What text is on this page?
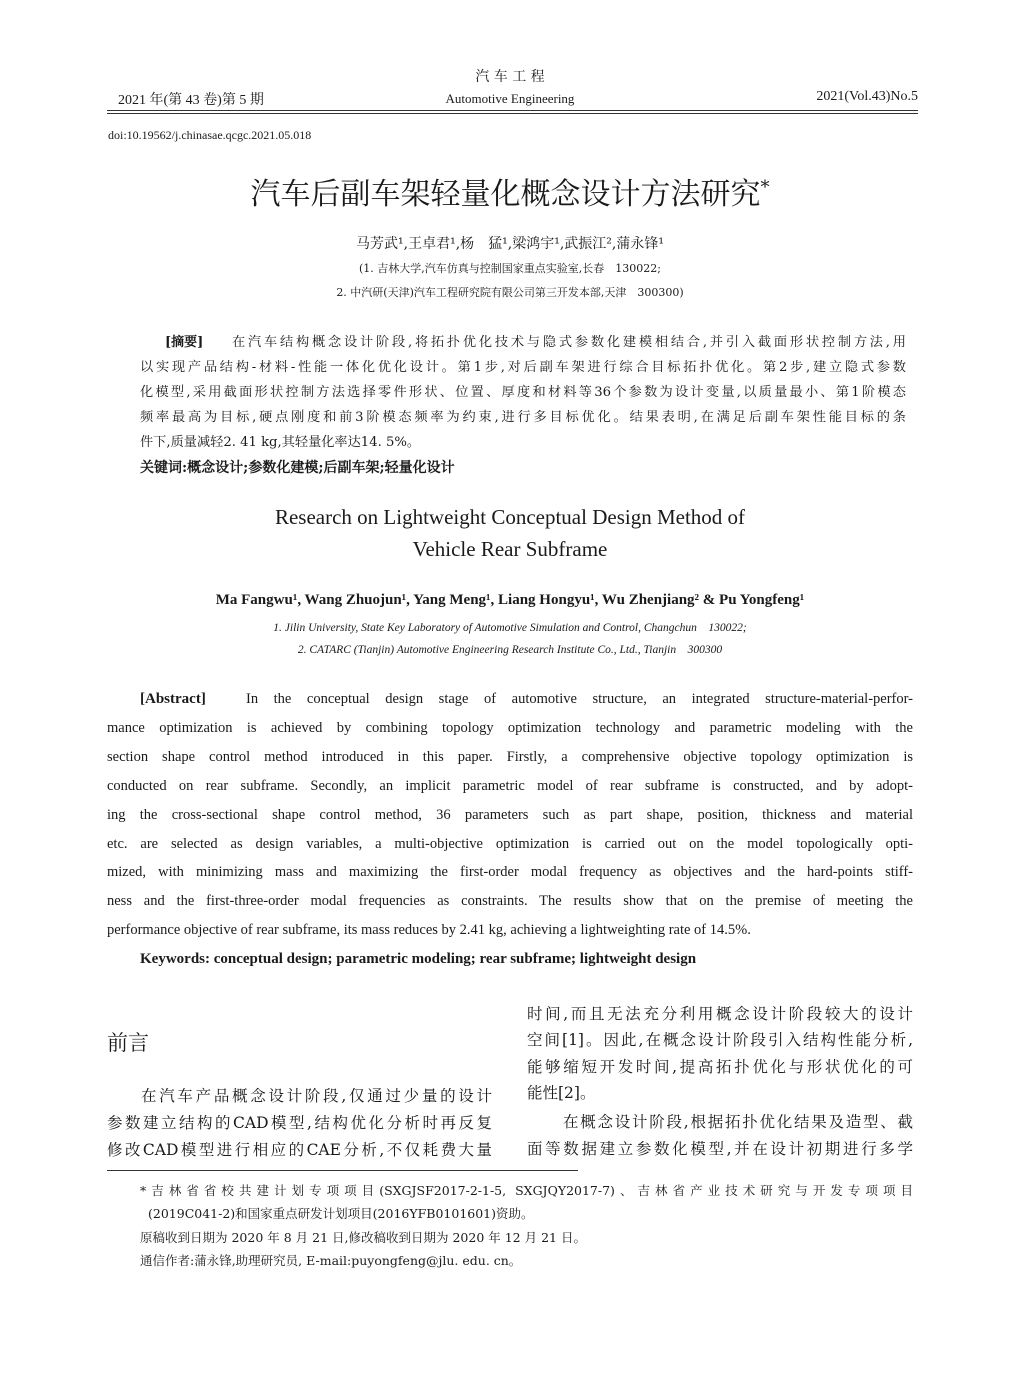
汽 车 工 程
2021 年(第 43 卷)第 5 期	Automotive Engineering	2021(Vol.43)No.5
doi:10.19562/j.chinasae.qcgc.2021.05.018
汽车后副车架轻量化概念设计方法研究*
马芳武¹,王卓君¹,杨　猛¹,梁鸿宇¹,武振江²,蒲永锋¹
(1. 吉林大学,汽车仿真与控制国家重点实验室,长春　130022;
2. 中汽研(天津)汽车工程研究院有限公司第三开发本部,天津　300300)
[摘要] 在汽车结构概念设计阶段,将拓扑优化技术与隐式参数化建模相结合,并引入截面形状控制方法,用
以实现产品结构-材料-性能一体化优化设计。第1步,对后副车架进行综合目标拓扑优化。第2步,建立隐式参数
化模型,采用截面形状控制方法选择零件形状、位置、厚度和材料等36个参数为设计变量,以质量最小、第1阶模态
频率最高为目标,硬点刚度和前3阶模态频率为约束,进行多目标优化。结果表明,在满足后副车架性能目标的条
件下,质量减轻2. 41 kg,其轻量化率达14. 5%。
关键词:概念设计;参数化建模;后副车架;轻量化设计
Research on Lightweight Conceptual Design Method of
Vehicle Rear Subframe
Ma Fangwu¹, Wang Zhuojun¹, Yang Meng¹, Liang Hongyu¹, Wu Zhenjiang² & Pu Yongfeng¹
1. Jilin University, State Key Laboratory of Automotive Simulation and Control, Changchun　130022;
2. CATARC (Tianjin) Automotive Engineering Research Institute Co., Ltd., Tianjin　300300
[Abstract]	In the conceptual design stage of automotive structure, an integrated structure-material-perfor-
mance optimization is achieved by combining topology optimization technology and parametric modeling with the
section shape control method introduced in this paper. Firstly, a comprehensive objective topology optimization is
conducted on rear subframe. Secondly, an implicit parametric model of rear subframe is constructed, and by adopt-
ing the cross-sectional shape control method, 36 parameters such as part shape, position, thickness and material
etc. are selected as design variables, a multi-objective optimization is carried out on the model topologically opti-
mized, with minimizing mass and maximizing the first-order modal frequency as objectives and the hard-points stiff-
ness and the first-three-order modal frequencies as constraints. The results show that on the premise of meeting the
performance objective of rear subframe, its mass reduces by 2.41 kg, achieving a lightweighting rate of 14.5%.
Keywords: conceptual design; parametric modeling; rear subframe; lightweight design
前言
在汽车产品概念设计阶段,仅通过少量的设计
参数建立结构的CAD模型,结构优化分析时再反复
修改CAD模型进行相应的CAE分析,不仅耗费大量
时间,而且无法充分利用概念设计阶段较大的设计
空间[1]。因此,在概念设计阶段引入结构性能分析,
能够缩短开发时间,提高拓扑优化与形状优化的可
能性[2]。
在概念设计阶段,根据拓扑优化结果及造型、截
面等数据建立参数化模型,并在设计初期进行多学
*吉林省省校共建计划专项项目(SXGJSF2017-2-1-5, SXGJQY2017-7)、吉林省产业技术研究与开发专项项目
(2019C041-2)和国家重点研发计划项目(2016YFB0101601)资助。
原稿收到日期为 2020 年 8 月 21 日,修改稿收到日期为 2020 年 12 月 21 日。
通信作者:蒲永锋,助理研究员, E-mail:puyongfeng@jlu. edu. cn。
